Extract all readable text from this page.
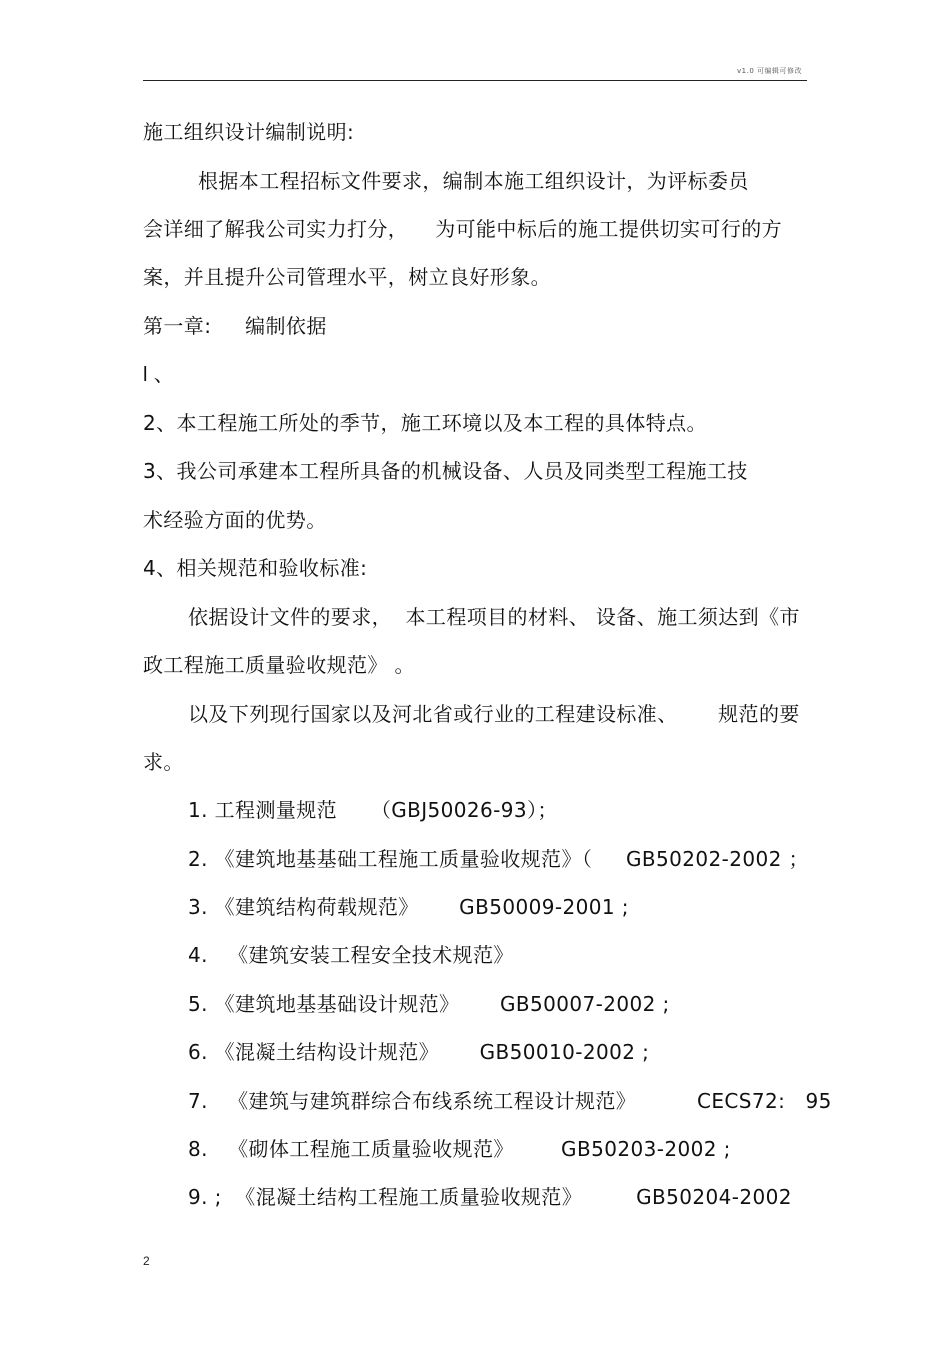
v1.0 可编辑可修改
施工组织设计编制说明:
根据本工程招标文件要求，编制本施工组织设计，为评标委员
会详细了解我公司实力打分，    为可能中标后的施工提供切实可行的方
案，并且提升公司管理水平，树立良好形象。
第一章:     编制依据
l 、
2、本工程施工所处的季节，施工环境以及本工程的具体特点。
3、我公司承建本工程所具备的机械设备、人员及同类型工程施工技
术经验方面的优势。
4、相关规范和验收标准:
依据设计文件的要求，  本工程项目的材料、 设备、施工须达到《市
政工程施工质量验收规范》 。
以及下列现行国家以及河北省或行业的工程建设标准、      规范的要
求。
1. 工程测量规范     （GBJ50026-93）；
2. 《建筑地基基础工程施工质量验收规范》（     GB50202-2002 ；
3. 《建筑结构荷载规范》      GB50009-2001 ;
4.   《建筑安装工程安全技术规范》
5. 《建筑地基基础设计规范》      GB50007-2002 ;
6. 《混凝土结构设计规范》      GB50010-2002 ;
7.   《建筑与建筑群综合布线系统工程设计规范》         CECS72:   95
8.   《砌体工程施工质量验收规范》       GB50203-2002 ;
9. ;  《混凝土结构工程施工质量验收规范》        GB50204-2002
2
